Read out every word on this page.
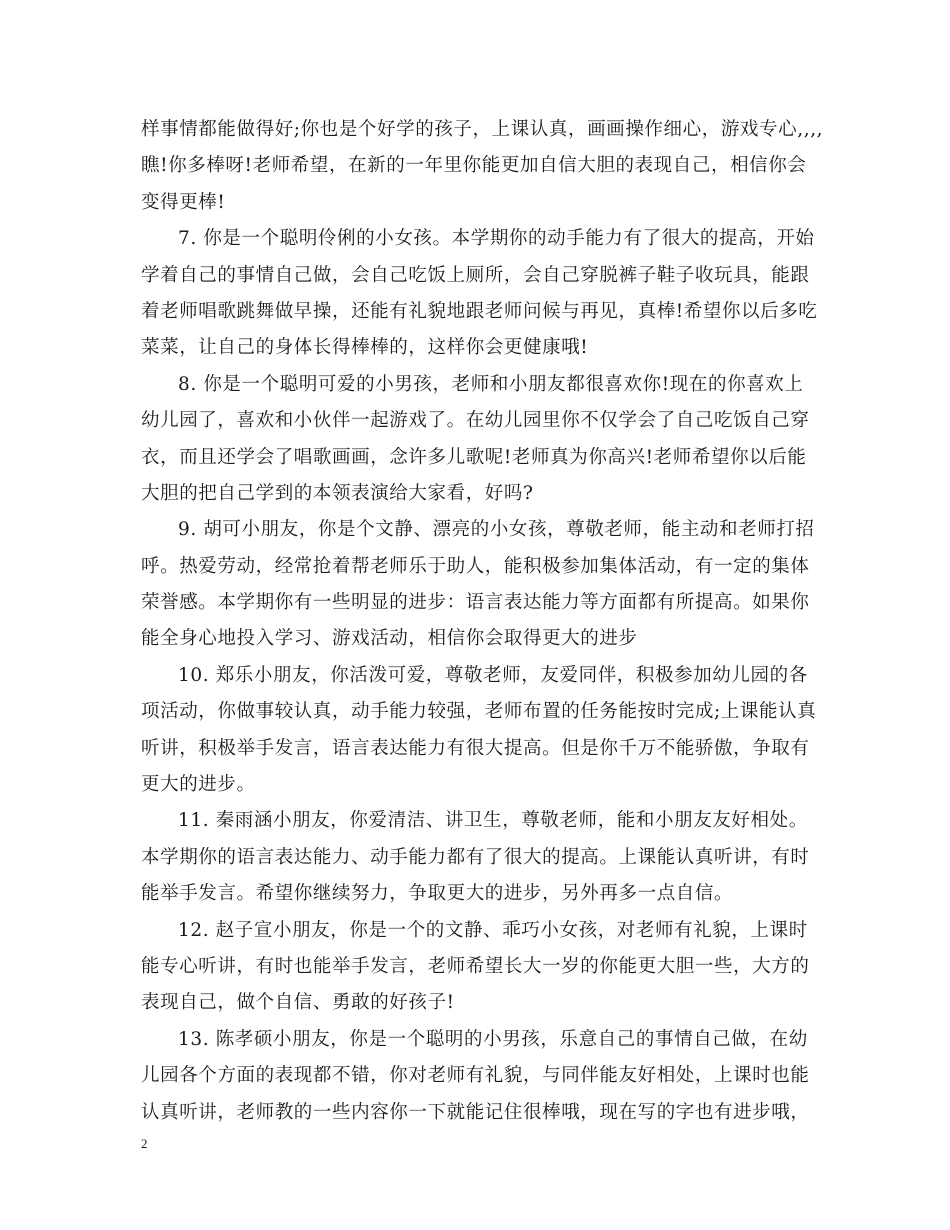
样事情都能做得好;你也是个好学的孩子，上课认真，画画操作细心，游戏专心,,,,
瞧!你多棒呀!老师希望，在新的一年里你能更加自信大胆的表现自己，相信你会
变得更棒!
7. 你是一个聪明伶俐的小女孩。本学期你的动手能力有了很大的提高，开始
学着自己的事情自己做，会自己吃饭上厕所，会自己穿脱裤子鞋子收玩具，能跟
着老师唱歌跳舞做早操，还能有礼貌地跟老师问候与再见，真棒!希望你以后多吃
菜菜，让自己的身体长得棒棒的，这样你会更健康哦!
8. 你是一个聪明可爱的小男孩，老师和小朋友都很喜欢你!现在的你喜欢上
幼儿园了，喜欢和小伙伴一起游戏了。在幼儿园里你不仅学会了自己吃饭自己穿
衣，而且还学会了唱歌画画，念许多儿歌呢!老师真为你高兴!老师希望你以后能
大胆的把自己学到的本领表演给大家看，好吗?
9. 胡可小朋友，你是个文静、漂亮的小女孩，尊敬老师，能主动和老师打招
呼。热爱劳动，经常抢着帮老师乐于助人，能积极参加集体活动，有一定的集体
荣誉感。本学期你有一些明显的进步：语言表达能力等方面都有所提高。如果你
能全身心地投入学习、游戏活动，相信你会取得更大的进步
10. 郑乐小朋友，你活泼可爱，尊敬老师，友爱同伴，积极参加幼儿园的各
项活动，你做事较认真，动手能力较强，老师布置的任务能按时完成;上课能认真
听讲，积极举手发言，语言表达能力有很大提高。但是你千万不能骄傲，争取有
更大的进步。
11. 秦雨涵小朋友，你爱清洁、讲卫生，尊敬老师，能和小朋友友好相处。
本学期你的语言表达能力、动手能力都有了很大的提高。上课能认真听讲，有时
能举手发言。希望你继续努力，争取更大的进步，另外再多一点自信。
12. 赵子宣小朋友，你是一个的文静、乖巧小女孩，对老师有礼貌，上课时
能专心听讲，有时也能举手发言，老师希望长大一岁的你能更大胆一些，大方的
表现自己，做个自信、勇敢的好孩子!
13. 陈孝硕小朋友，你是一个聪明的小男孩，乐意自己的事情自己做，在幼
儿园各个方面的表现都不错，你对老师有礼貌，与同伴能友好相处，上课时也能
认真听讲，老师教的一些内容你一下就能记住很棒哦，现在写的字也有进步哦，
2
